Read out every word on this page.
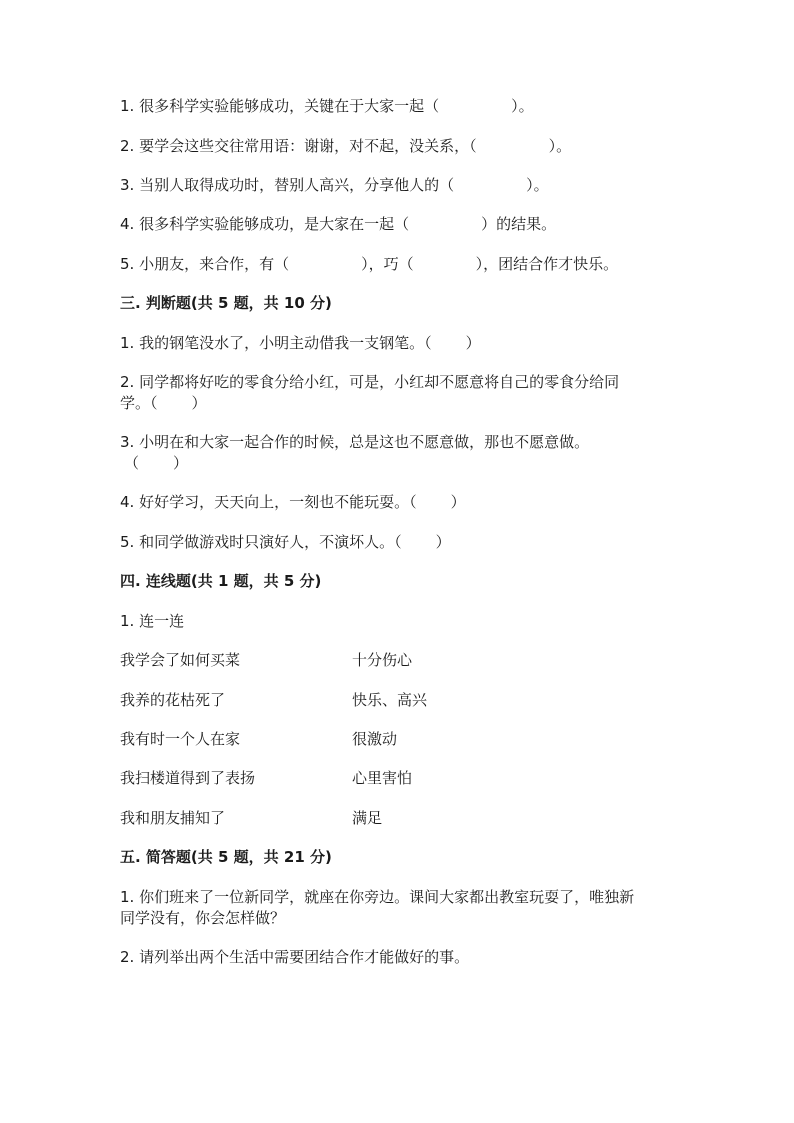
1. 很多科学实验能够成功，关键在于大家一起（	）。
2. 要学会这些交往常用语：谢谢，对不起，没关系，（	）。
3. 当别人取得成功时，替别人高兴，分享他人的（	）。
4. 很多科学实验能够成功，是大家在一起（	）的结果。
5. 小朋友，来合作，有（	），巧（	），团结合作才快乐。
三. 判断题(共 5 题，共 10 分)
1. 我的钢笔没水了，小明主动借我一支钢笔。（ ）
2. 同学都将好吃的零食分给小红，可是，小红却不愿意将自己的零食分给同
学。（ ）
3. 小明在和大家一起合作的时候，总是这也不愿意做，那也不愿意做。
（ ）
4. 好好学习，天天向上，一刻也不能玩耍。（ ）
5. 和同学做游戏时只演好人，不演坏人。（ ）
四. 连线题(共 1 题，共 5 分)
1. 连一连
我学会了如何买菜	十分伤心
我养的花枯死了	快乐、高兴
我有时一个人在家	很激动
我扫楼道得到了表扬	心里害怕
我和朋友捕知了	满足
五. 简答题(共 5 题，共 21 分)
1. 你们班来了一位新同学，就座在你旁边。课间大家都出教室玩耍了，唯独新
同学没有，你会怎样做？
2. 请列举出两个生活中需要团结合作才能做好的事。
